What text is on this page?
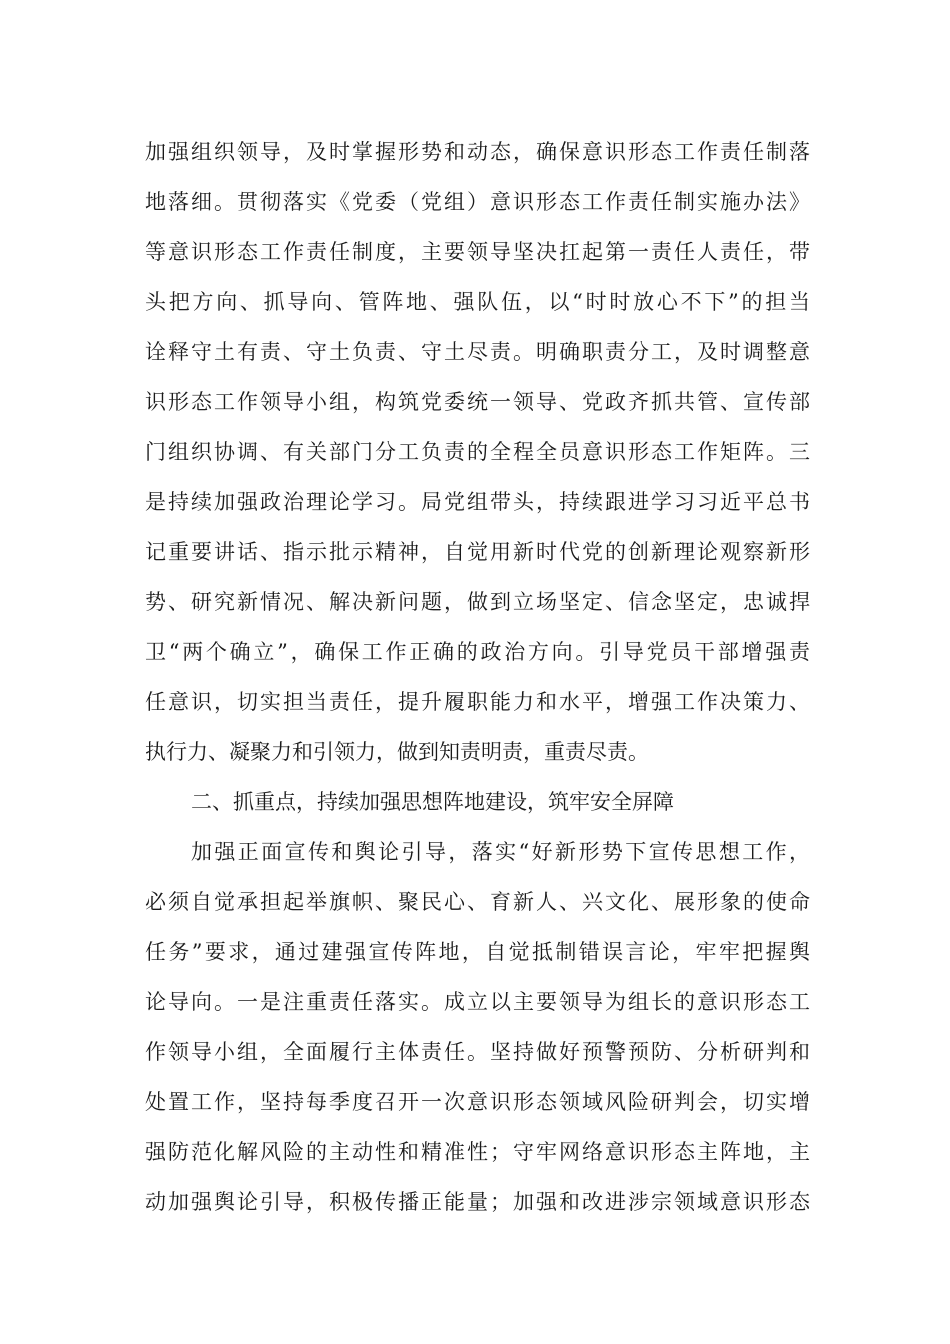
加强组织领导，及时掌握形势和动态，确保意识形态工作责任制落
地落细。贯彻落实《党委（党组）意识形态工作责任制实施办法》
等意识形态工作责任制度，主要领导坚决扛起第一责任人责任，带
头把方向、抓导向、管阵地、强队伍，以“时时放心不下”的担当
诠释守土有责、守土负责、守土尽责。明确职责分工，及时调整意
识形态工作领导小组，构筑党委统一领导、党政齐抓共管、宣传部
门组织协调、有关部门分工负责的全程全员意识形态工作矩阵。三
是持续加强政治理论学习。局党组带头，持续跟进学习习近平总书
记重要讲话、指示批示精神，自觉用新时代党的创新理论观察新形
势、研究新情况、解决新问题，做到立场坚定、信念坚定，忠诚捍
卫“两个确立”，确保工作正确的政治方向。引导党员干部增强责
任意识，切实担当责任，提升履职能力和水平，增强工作决策力、
执行力、凝聚力和引领力，做到知责明责，重责尽责。
二、抓重点，持续加强思想阵地建设，筑牢安全屏障
加强正面宣传和舆论引导，落实“好新形势下宣传思想工作，
必须自觉承担起举旗帜、聚民心、育新人、兴文化、展形象的使命
任务”要求，通过建强宣传阵地，自觉抵制错误言论，牢牢把握舆
论导向。一是注重责任落实。成立以主要领导为组长的意识形态工
作领导小组，全面履行主体责任。坚持做好预警预防、分析研判和
处置工作，坚持每季度召开一次意识形态领域风险研判会，切实增
强防范化解风险的主动性和精准性；守牢网络意识形态主阵地，主
动加强舆论引导，积极传播正能量；加强和改进涉宗领域意识形态
